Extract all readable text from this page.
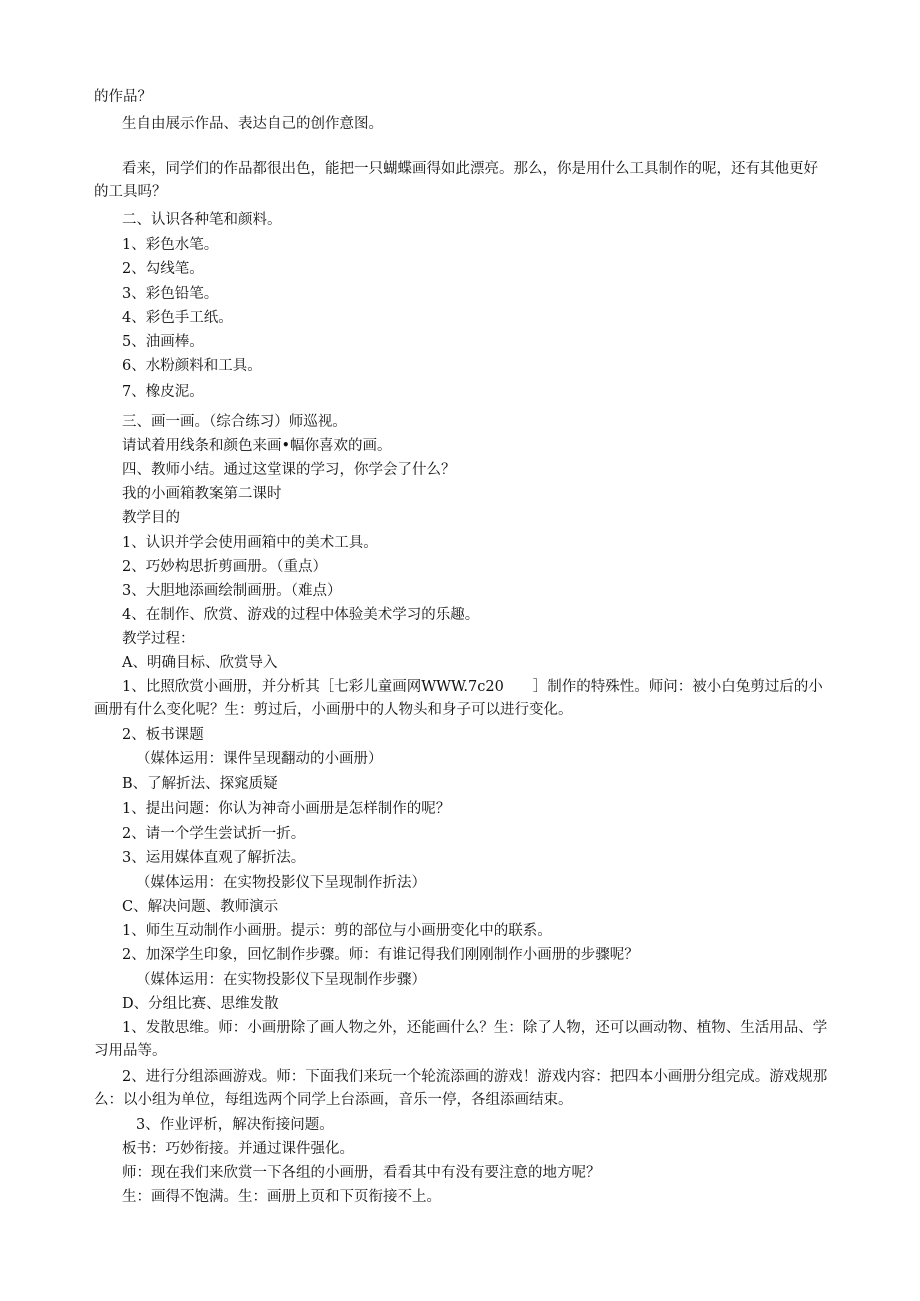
的作品？
生自由展示作品、表达自己的创作意图。
看来，同学们的作品都很出色，能把一只蝴蝶画得如此漂亮。那么，你是用什么工具制作的呢，还有其他更好的工具吗？
二、认识各种笔和颜料。
1、彩色水笔。
2、勾线笔。
3、彩色铅笔。
4、彩色手工纸。
5、油画棒。
6、水粉颜料和工具。
7、橡皮泥。
三、画一画。（综合练习）师巡视。
请试着用线条和颜色来画•幅你喜欢的画。
四、教师小结。通过这堂课的学习，你学会了什么？
我的小画箱教案第二课时
教学目的
1、认识并学会使用画箱中的美术工具。
2、巧妙构思折剪画册。（重点）
3、大胆地添画绘制画册。（难点）
4、在制作、欣赏、游戏的过程中体验美术学习的乐趣。
教学过程：
A、明确目标、欣赏导入
1、比照欣赏小画册，并分析其［七彩儿童画网WWW.7c20　　］制作的特殊性。师问：被小白兔剪过后的小画册有什么变化呢？生：剪过后，小画册中的人物头和身子可以进行变化。
2、板书课题
（媒体运用：课件呈现翻动的小画册）
B、了解折法、探窕质疑
1、提出问题：你认为神奇小画册是怎样制作的呢？
2、请一个学生尝试折一折。
3、运用媒体直观了解折法。
（媒体运用：在实物投影仪下呈现制作折法）
C、解决问题、教师演示
1、师生互动制作小画册。提示：剪的部位与小画册变化中的联系。
2、加深学生印象，回忆制作步骤。师：有谁记得我们刚刚制作小画册的步骤呢？
（媒体运用：在实物投影仪下呈现制作步骤）
D、分组比赛、思维发散
1、发散思维。师：小画册除了画人物之外，还能画什么？生：除了人物，还可以画动物、植物、生活用品、学习用品等。
2、进行分组添画游戏。师：下面我们来玩一个轮流添画的游戏！游戏内容：把四本小画册分组完成。游戏规那么：以小组为单位，每组选两个同学上台添画，音乐一停，各组添画结束。
3、作业评析，解决衔接问题。
板书：巧妙衔接。并通过课件强化。
师：现在我们来欣赏一下各组的小画册，看看其中有没有要注意的地方呢？
生：画得不饱满。生：画册上页和下页衔接不上。
